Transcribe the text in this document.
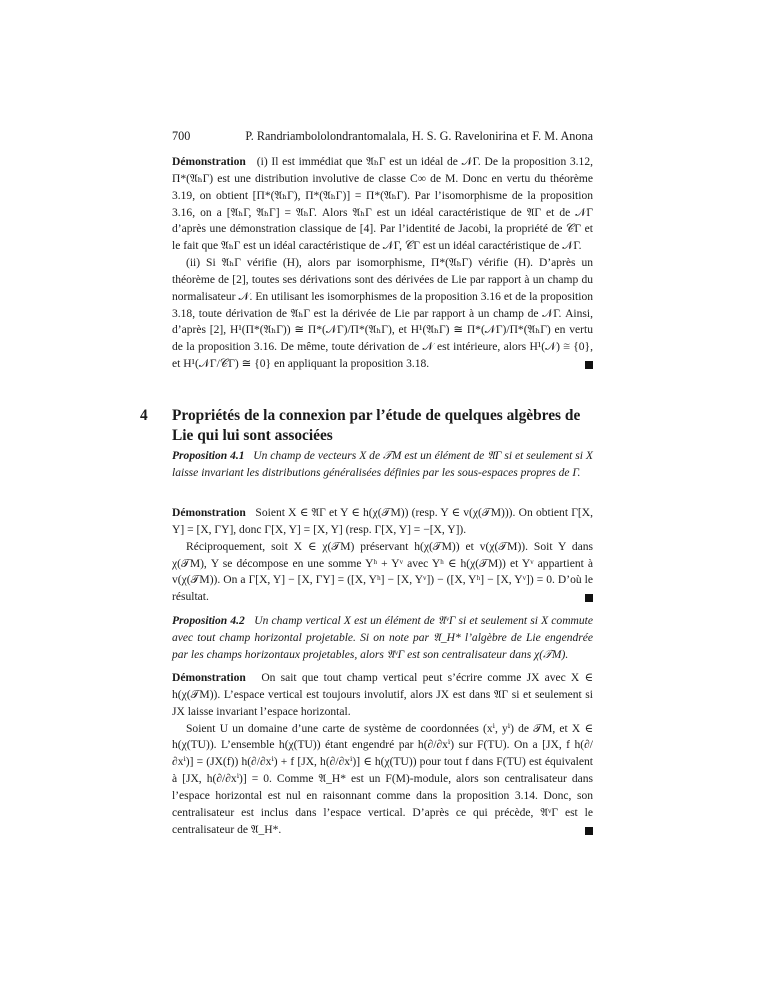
700	P. Randriambololondrantomalala, H. S. G. Ravelonirina et F. M. Anona

Démonstration (i) Il est immédiat que 𝔄ₕΓ est un idéal de 𝒩Γ. De la proposition 3.12, Π*(𝔄ₕΓ) est une distribution involutive de classe C∞ de M. Donc en vertu du théorème 3.19, on obtient [Π*(𝔄ₕΓ), Π*(𝔄ₕΓ)] = Π*(𝔄ₕΓ). Par l’isomorphisme de la proposition 3.16, on a [𝔄ₕΓ, 𝔄ₕΓ] = 𝔄ₕΓ. Alors 𝔄ₕΓ est un idéal caractéristique de 𝔄Γ et de 𝒩Γ d’après une démonstration classique de [4]. Par l’identité de Jacobi, la propriété de 𝒞Γ et le fait que 𝔄ₕΓ est un idéal caractéristique de 𝒩Γ, 𝒞Γ est un idéal caractéristique de 𝒩Γ.

(ii) Si 𝔄ₕΓ vérifie (H), alors par isomorphisme, Π*(𝔄ₕΓ) vérifie (H). D’après un théorème de [2], toutes ses dérivations sont des dérivées de Lie par rapport à un champ du normalisateur 𝒩. En utilisant les isomorphismes de la proposition 3.16 et de la proposition 3.18, toute dérivation de 𝔄ₕΓ est la dérivée de Lie par rapport à un champ de 𝒩Γ. Ainsi, d’après [2], H¹(Π*(𝔄ₕΓ)) ≅ Π*(𝒩Γ)/Π*(𝔄ₕΓ), et H¹(𝔄ₕΓ) ≅ Π*(𝒩Γ)/Π*(𝔄ₕΓ) en vertu de la proposition 3.16. De même, toute dérivation de 𝒩 est intérieure, alors H¹(𝒩) ≅ {0}, et H¹(𝒩Γ/𝒞Γ) ≅ {0} en appliquant la proposition 3.18.

4 Propriétés de la connexion par l’étude de quelques algèbres de Lie qui lui sont associées

Proposition 4.1 Un champ de vecteurs X de 𝒯M est un élément de 𝔄Γ si et seulement si X laisse invariant les distributions généralisées définies par les sous-espaces propres de Γ.

Démonstration Soient X ∈ 𝔄Γ et Y ∈ h(χ(𝒯M)) (resp. Y ∈ v(χ(𝒯M))). On obtient Γ[X, Y] = [X, ΓY], donc Γ[X, Y] = [X, Y] (resp. Γ[X, Y] = −[X, Y]).

Réciproquement, soit X ∈ χ(𝒯M) préservant h(χ(𝒯M)) et v(χ(𝒯M)). Soit Y dans χ(𝒯M), Y se décompose en une somme Yʰ + Yᵛ avec Yʰ ∈ h(χ(𝒯M)) et Yᵛ appartient à v(χ(𝒯M)). On a Γ[X, Y] − [X, ΓY] = ([X, Yʰ] − [X, Yᵛ]) − ([X, Yʰ] − [X, Yᵛ]) = 0. D’où le résultat.

Proposition 4.2 Un champ vertical X est un élément de 𝔄ᵛΓ si et seulement si X commute avec tout champ horizontal projetable. Si on note par 𝔄_H* l’algèbre de Lie engendrée par les champs horizontaux projetables, alors 𝔄ᵛΓ est son centralisateur dans χ(𝒯M).

Démonstration On sait que tout champ vertical peut s’écrire comme JX avec X ∈ h(χ(𝒯M)). L’espace vertical est toujours involutif, alors JX est dans 𝔄Γ si et seulement si JX laisse invariant l’espace horizontal.

Soient U un domaine d’une carte de système de coordonnées (xⁱ, yⁱ) de 𝒯M, et X ∈ h(χ(TU)). L’ensemble h(χ(TU)) étant engendré par h(∂/∂xⁱ) sur F(TU). On a [JX, f h(∂/∂xⁱ)] = (JX(f)) h(∂/∂xⁱ) + f [JX, h(∂/∂xⁱ)] ∈ h(χ(TU)) pour tout f dans F(TU) est équivalent à [JX, h(∂/∂xⁱ)] = 0. Comme 𝔄_H* est un F(M)-module, alors son centralisateur dans l’espace horizontal est nul en raisonnant comme dans la proposition 3.14. Donc, son centralisateur est inclus dans l’espace vertical. D’après ce qui précède, 𝔄ᵛΓ est le centralisateur de 𝔄_H*.
